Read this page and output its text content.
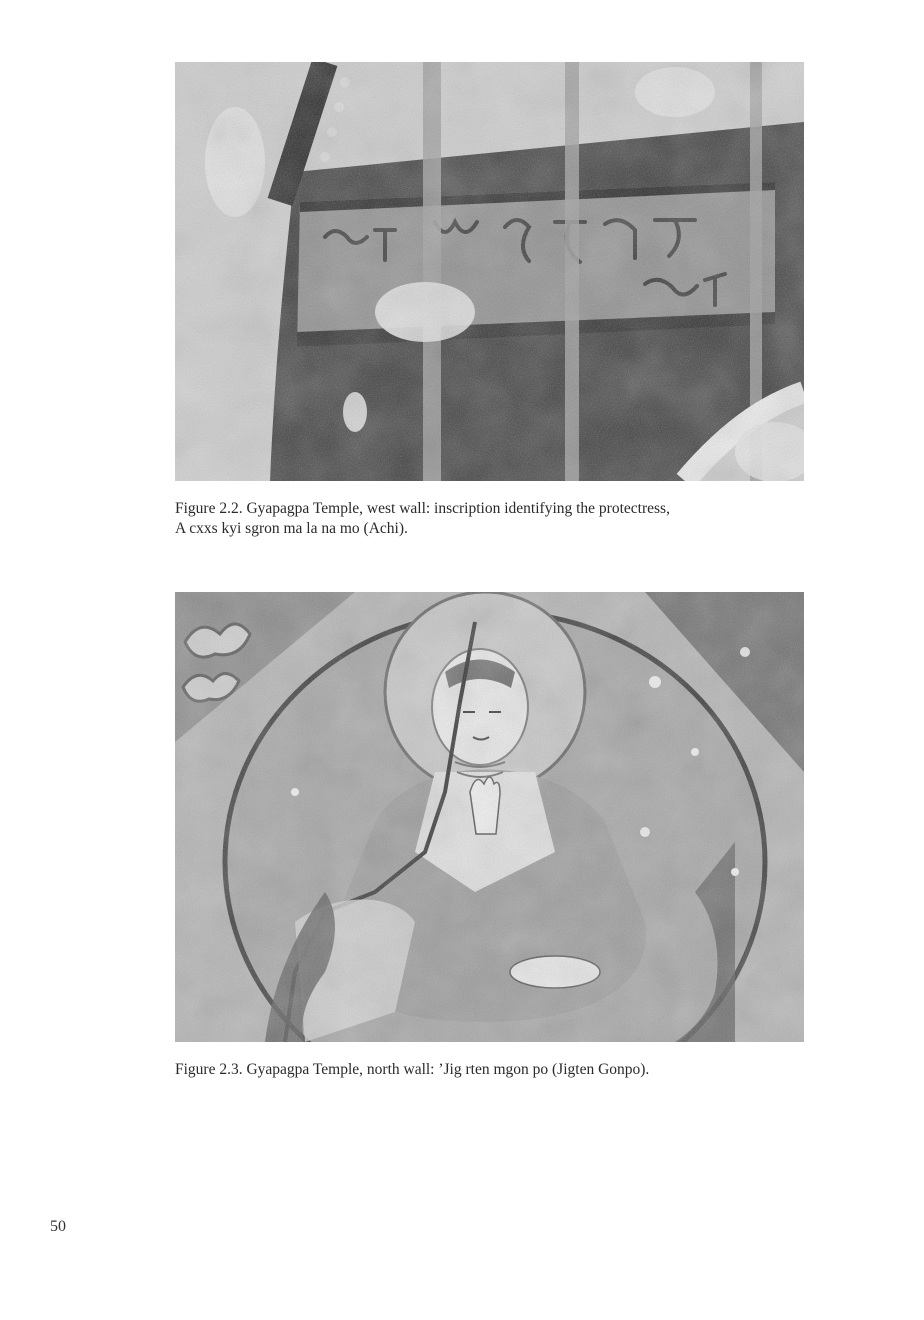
Figure 2.2. Gyapagpa Temple, west wall: inscription identifying the protectress,
A cxxs kyi sgron ma la na mo (Achi).

Figure 2.3. Gyapagpa Temple, north wall: ’Jig rten mgon po (Jigten Gonpo).

50
